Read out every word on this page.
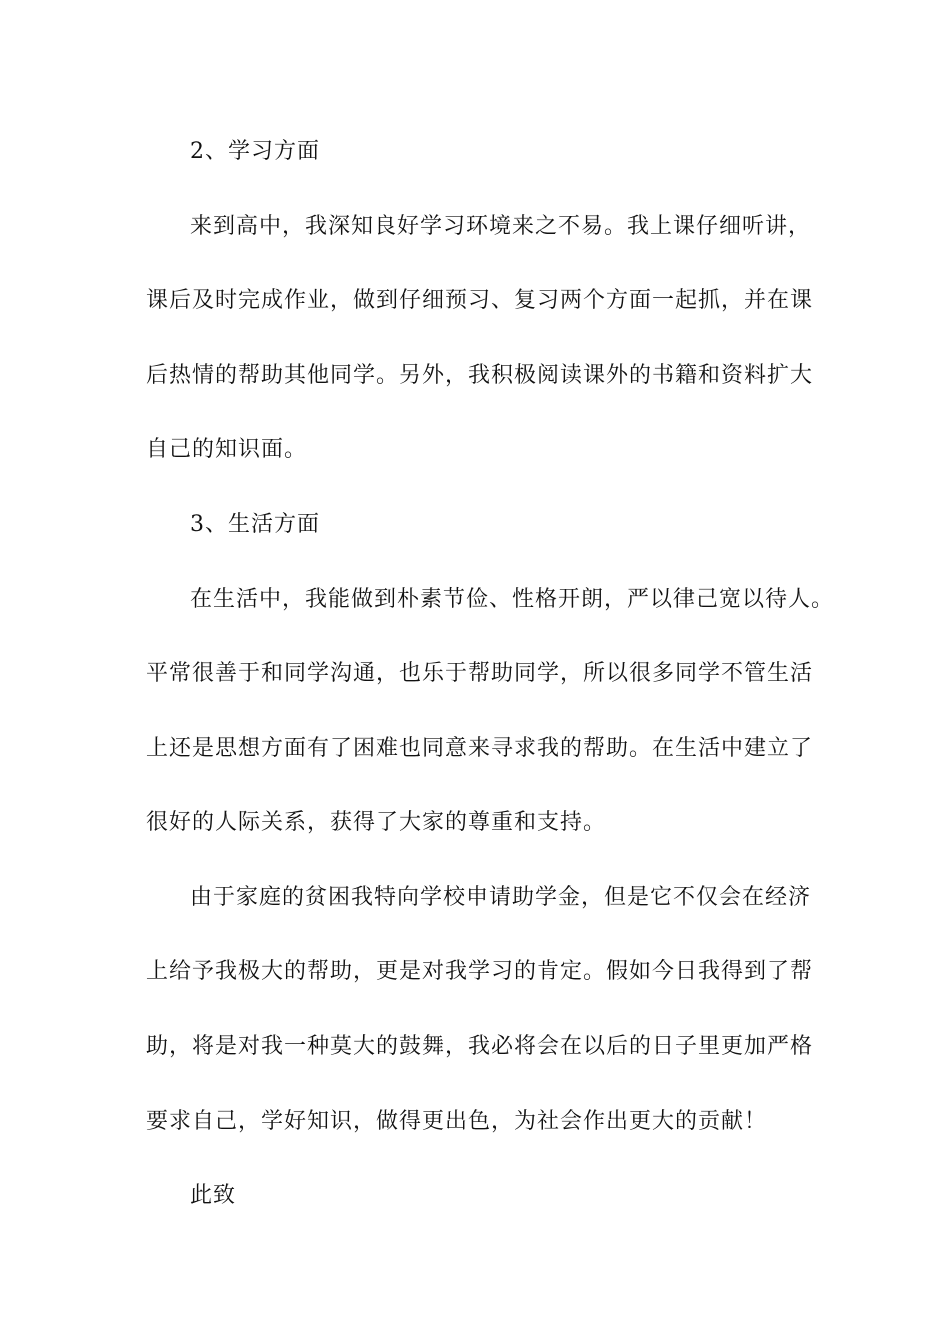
2、学习方面
来到高中，我深知良好学习环境来之不易。我上课仔细听讲，
课后及时完成作业，做到仔细预习、复习两个方面一起抓，并在课
后热情的帮助其他同学。另外，我积极阅读课外的书籍和资料扩大
自己的知识面。
3、生活方面
在生活中，我能做到朴素节俭、性格开朗，严以律己宽以待人。
平常很善于和同学沟通，也乐于帮助同学，所以很多同学不管生活
上还是思想方面有了困难也同意来寻求我的帮助。在生活中建立了
很好的人际关系，获得了大家的尊重和支持。
由于家庭的贫困我特向学校申请助学金，但是它不仅会在经济
上给予我极大的帮助，更是对我学习的肯定。假如今日我得到了帮
助，将是对我一种莫大的鼓舞，我必将会在以后的日子里更加严格
要求自己，学好知识，做得更出色，为社会作出更大的贡献！
此致
